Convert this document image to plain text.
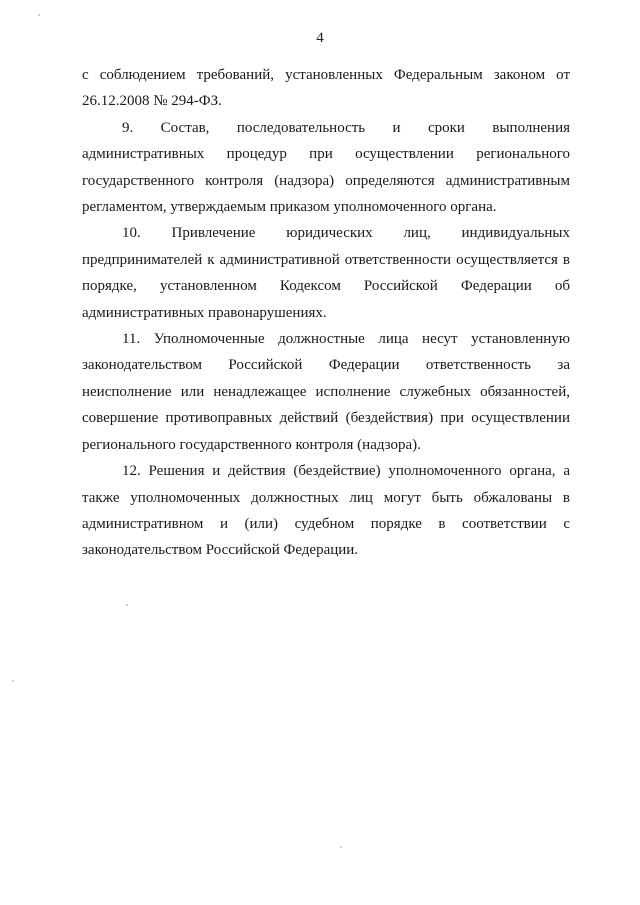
4

с соблюдением требований, установленных Федеральным законом от 26.12.2008 № 294-ФЗ.

9. Состав, последовательность и сроки выполнения административных процедур при осуществлении регионального государственного контроля (надзора) определяются административным регламентом, утверждаемым приказом уполномоченного органа.

10. Привлечение юридических лиц, индивидуальных предпринимателей к административной ответственности осуществляется в порядке, установленном Кодексом Российской Федерации об административных правонарушениях.

11. Уполномоченные должностные лица несут установленную законодательством Российской Федерации ответственность за неисполнение или ненадлежащее исполнение служебных обязанностей, совершение противоправных действий (бездействия) при осуществлении регионального государственного контроля (надзора).

12. Решения и действия (бездействие) уполномоченного органа, а также уполномоченных должностных лиц могут быть обжалованы в административном и (или) судебном порядке в соответствии с законодательством Российской Федерации.
